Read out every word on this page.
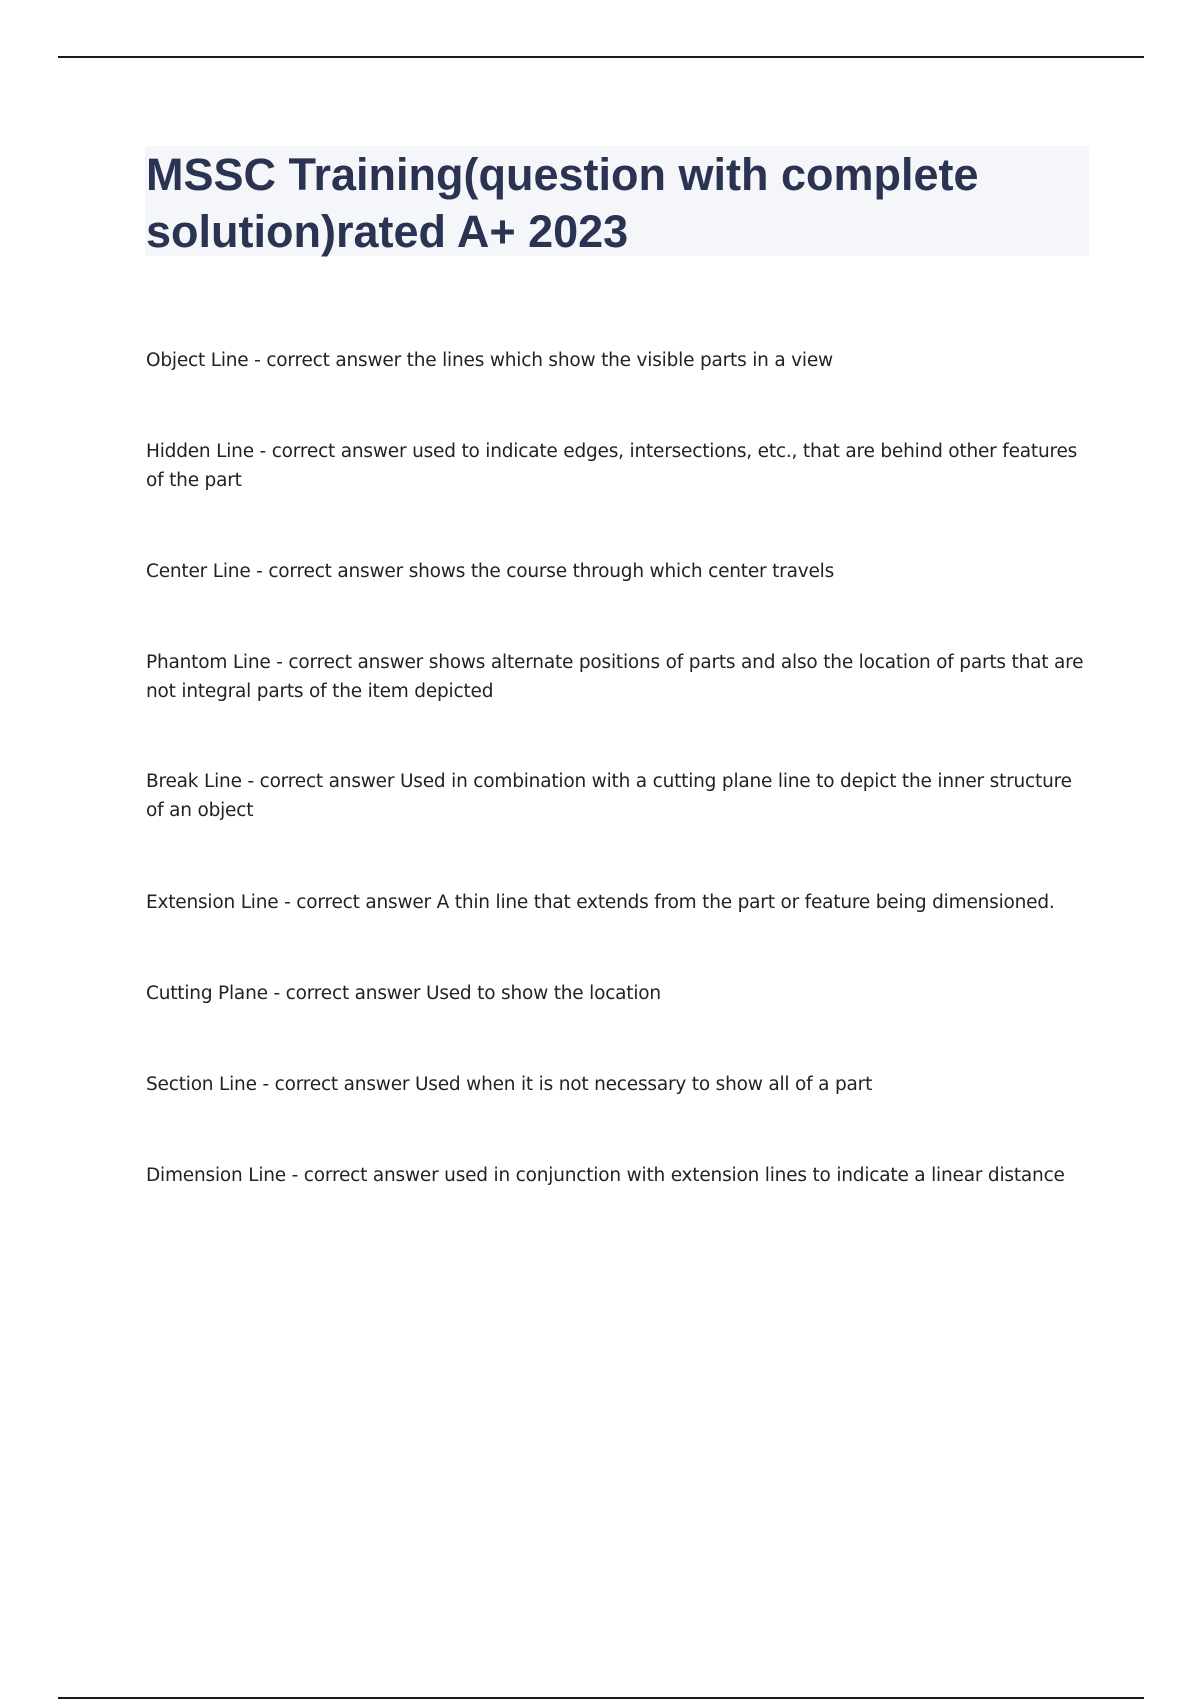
MSSC Training(question with complete solution)rated A+ 2023

Object Line - correct answer the lines which show the visible parts in a view

Hidden Line - correct answer used to indicate edges, intersections, etc., that are behind other features of the part

Center Line - correct answer shows the course through which center travels

Phantom Line - correct answer shows alternate positions of parts and also the location of parts that are not integral parts of the item depicted

Break Line - correct answer Used in combination with a cutting plane line to depict the inner structure of an object

Extension Line - correct answer A thin line that extends from the part or feature being dimensioned.

Cutting Plane - correct answer Used to show the location

Section Line - correct answer Used when it is not necessary to show all of a part

Dimension Line - correct answer used in conjunction with extension lines to indicate a linear distance
